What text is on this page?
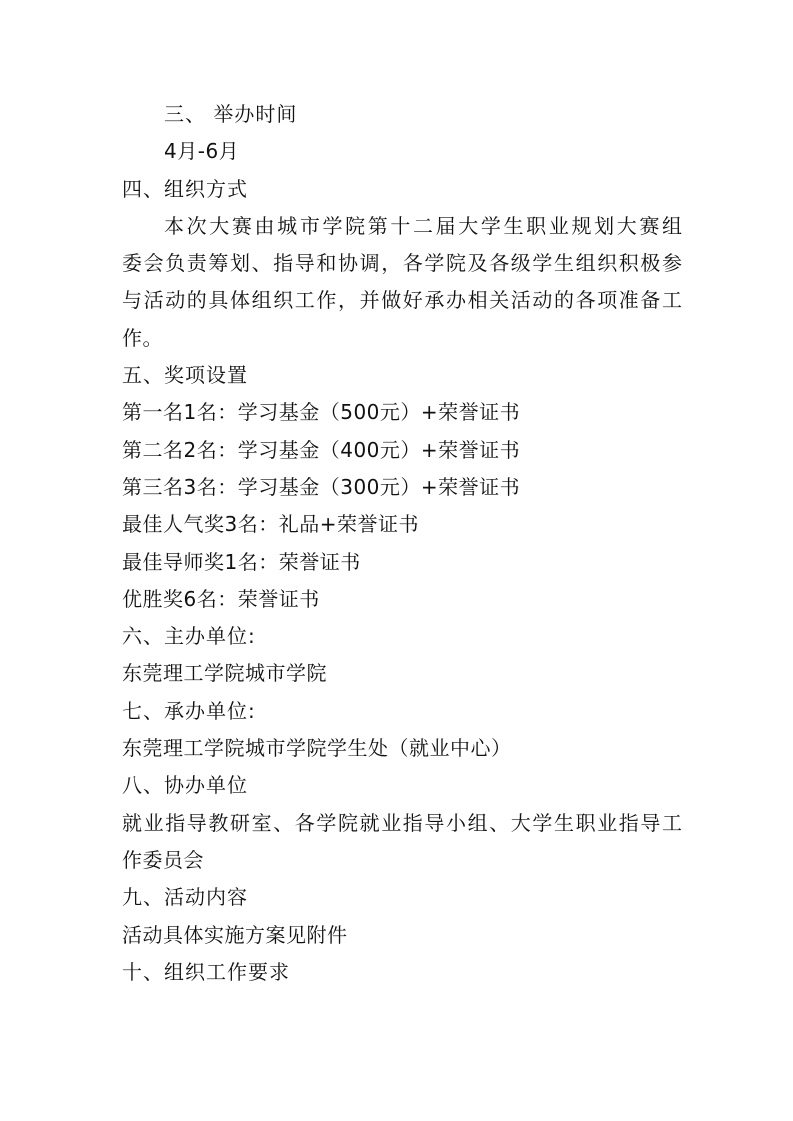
三、 举办时间
4月-6月
四、组织方式
本次大赛由城市学院第十二届大学生职业规划大赛组
委会负责筹划、指导和协调，各学院及各级学生组织积极参
与活动的具体组织工作，并做好承办相关活动的各项准备工
作。
五、奖项设置
第一名1名：学习基金（500元）+荣誉证书
第二名2名：学习基金（400元）+荣誉证书
第三名3名：学习基金（300元）+荣誉证书
最佳人气奖3名：礼品+荣誉证书
最佳导师奖1名：荣誉证书
优胜奖6名：荣誉证书
六、主办单位:
东莞理工学院城市学院
七、承办单位:
东莞理工学院城市学院学生处（就业中心）
八、协办单位
就业指导教研室、各学院就业指导小组、大学生职业指导工
作委员会
九、活动内容
活动具体实施方案见附件
十、组织工作要求
